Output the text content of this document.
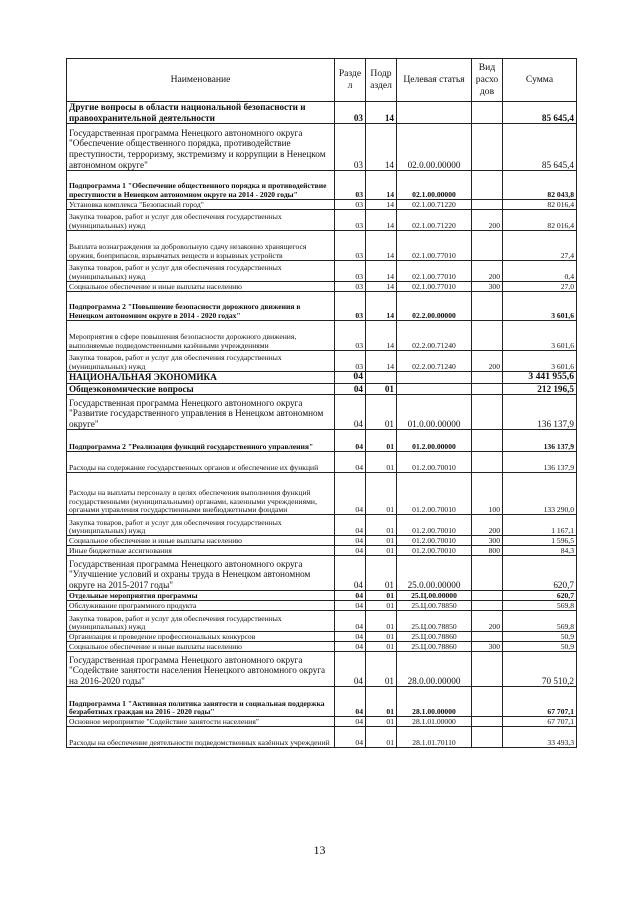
Наименование	Разде л	Подр аздел	Целевая статья	Вид расхо дов	Сумма
Другие вопросы в области национальной безопасности и правоохранительной деятельности	03	14			85 645,4
Государственная программа Ненецкого автономного округа "Обеспечение общественного порядка, противодействие преступности, терроризму, экстремизму и коррупции в Ненецком автономном округе"	03	14	02.0.00.00000		85 645,4
Подпрограмма 1 "Обеспечение общественного порядка и противодействие преступности в Ненецком автономном округе на 2014 - 2020 годы"	03	14	02.1.00.00000		82 043,8
Установка комплекса "Безопасный город"	03	14	02.1.00.71220		82 016,4
Закупка товаров, работ и услуг для обеспечения государственных (муниципальных) нужд	03	14	02.1.00.71220	200	82 016,4
Выплата вознаграждения за добровольную сдачу незаконно хранящегося оружия, боеприпасов, взрывчатых веществ и взрывных устройств	03	14	02.1.00.77010		27,4
Закупка товаров, работ и услуг для обеспечения государственных (муниципальных) нужд	03	14	02.1.00.77010	200	0,4
Социальное обеспечение и иные выплаты населению	03	14	02.1.00.77010	300	27,0
Подпрограмма 2 "Повышение безопасности дорожного движения в Ненецком автономном округе в 2014 - 2020 годах"	03	14	02.2.00.00000		3 601,6
Мероприятия в сфере повышения безопасности дорожного движения, выполняемые подведомственными казёнными учреждениями	03	14	02.2.00.71240		3 601,6
Закупка товаров, работ и услуг для обеспечения государственных (муниципальных) нужд	03	14	02.2.00.71240	200	3 601,6
НАЦИОНАЛЬНАЯ ЭКОНОМИКА	04				3 441 955,6
Общеэкономические вопросы	04	01			212 196,5
Государственная программа Ненецкого автономного округа "Развитие государственного управления в Ненецком автономном округе"	04	01	01.0.00.00000		136 137,9
Подпрограмма 2 "Реализация функций государственного управления"	04	01	01.2.00.00000		136 137,9
Расходы на содержание государственных органов и обеспечение их функций	04	01	01.2.00.70010		136 137,9
Расходы на выплаты персоналу в целях обеспечения выполнения функций государственными (муниципальными) органами, казенными учреждениями, органами управления государственными внебюджетными фондами	04	01	01.2.00.70010	100	133 290,0
Закупка товаров, работ и услуг для обеспечения государственных (муниципальных) нужд	04	01	01.2.00.70010	200	1 167,1
Социальное обеспечение и иные выплаты населению	04	01	01.2.00.70010	300	1 596,5
Иные бюджетные ассигнования	04	01	01.2.00.70010	800	84,3
Государственная программа Ненецкого автономного округа "Улучшение условий и охраны труда в Ненецком автономном округе на 2015-2017 годы"	04	01	25.0.00.00000		620,7
Отдельные мероприятия программы	04	01	25.Ц.00.00000		620,7
Обслуживание программного продукта	04	01	25.Ц.00.78850		569,8
Закупка товаров, работ и услуг для обеспечения государственных (муниципальных) нужд	04	01	25.Ц.00.78850	200	569,8
Организация и проведение профессиональных конкурсов	04	01	25.Ц.00.78860		50,9
Социальное обеспечение и иные выплаты населению	04	01	25.Ц.00.78860	300	50,9
Государственная программа Ненецкого автономного округа "Содействие занятости населения Ненецкого автономного округа на 2016-2020 годы"	04	01	28.0.00.00000		70 510,2
Подпрограмма 1 "Активная политика занятости и социальная поддержка безработных граждан на 2016 - 2020 годы"	04	01	28.1.00.00000		67 707,1
Основное мероприятие "Содействие занятости населения"	04	01	28.1.01.00000		67 707,1
Расходы на обеспечение деятельности подведомственных казённых учреждений	04	01	28.1.01.70110		33 493,3
13
